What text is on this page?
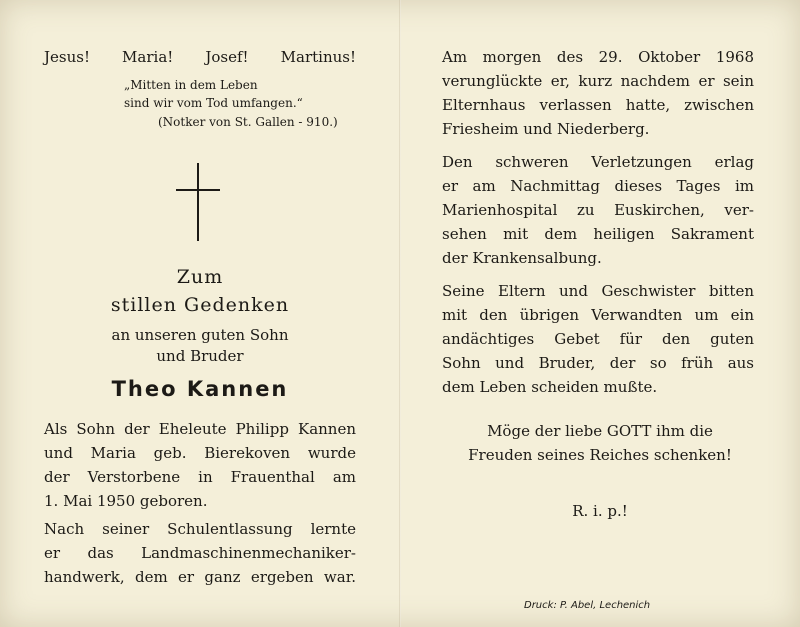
Jesus! Maria! Josef! Martinus!

„Mitten in dem Leben

sind wir vom Tod umfangen.“

(Notker von St. Gallen - 910.)

Zum

stillen Gedenken

an unseren guten Sohn

und Bruder

Theo Kannen

Als Sohn der Eheleute Philipp Kannen

und Maria geb. Bierekoven wurde

der Verstorbene in Frauenthal am

1. Mai 1950 geboren.

Nach seiner Schulentlassung lernte

er das Landmaschinenmechaniker-

handwerk, dem er ganz ergeben war.

Am morgen des 29. Oktober 1968

verunglückte er, kurz nachdem er sein

Elternhaus verlassen hatte, zwischen

Friesheim und Niederberg.

Den schweren Verletzungen erlag

er am Nachmittag dieses Tages im

Marienhospital zu Euskirchen, ver-

sehen mit dem heiligen Sakrament

der Krankensalbung.

Seine Eltern und Geschwister bitten

mit den übrigen Verwandten um ein

andächtiges Gebet für den guten

Sohn und Bruder, der so früh aus

dem Leben scheiden mußte.

Möge der liebe GOTT ihm die

Freuden seines Reiches schenken!

R. i. p.!

Druck: P. Abel, Lechenich
